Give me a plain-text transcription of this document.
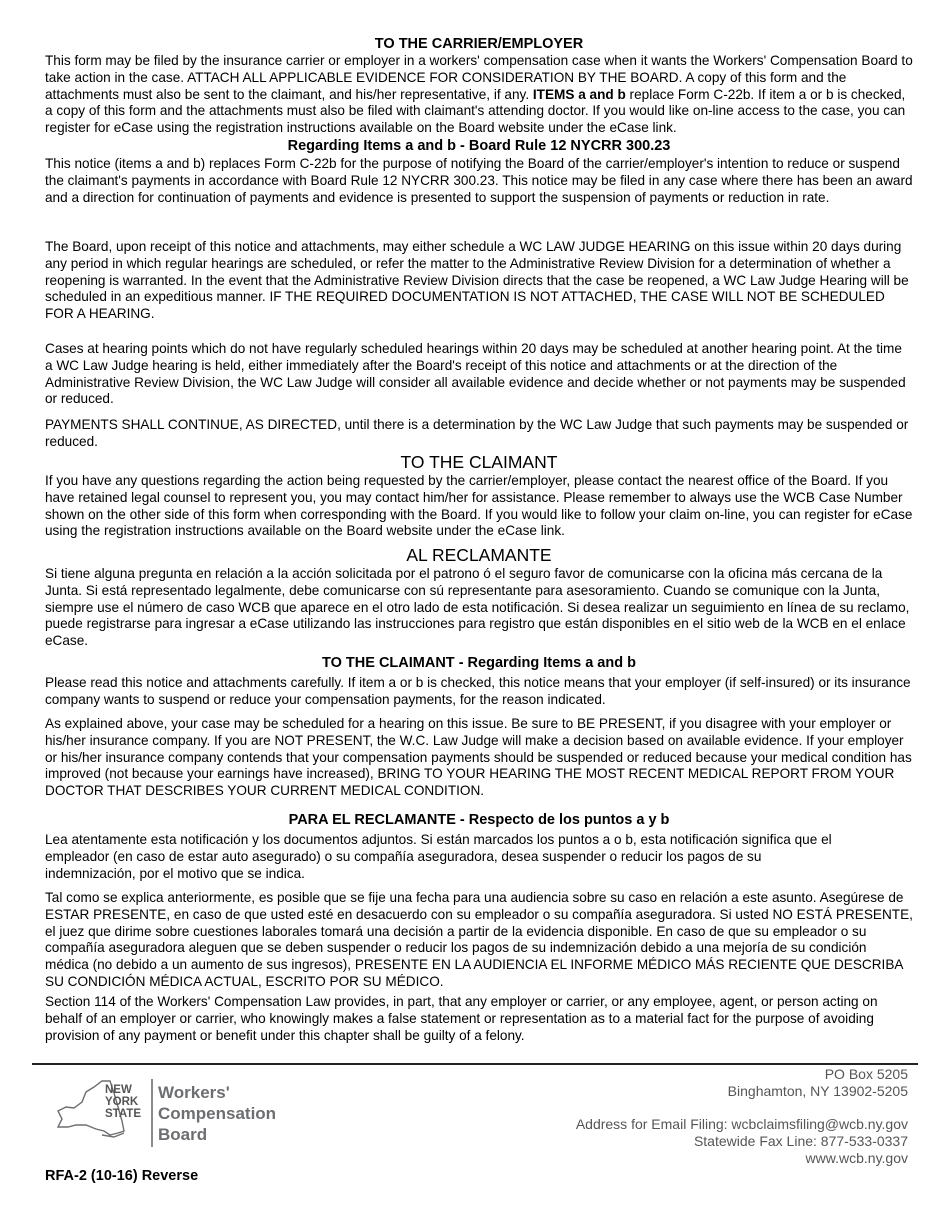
TO THE CARRIER/EMPLOYER

This form may be filed by the insurance carrier or employer in a workers' compensation case when it wants the Workers' Compensation Board to take action in the case. ATTACH ALL APPLICABLE EVIDENCE FOR CONSIDERATION BY THE BOARD. A copy of this form and the attachments must also be sent to the claimant, and his/her representative, if any. ITEMS a and b replace Form C-22b. If item a or b is checked, a copy of this form and the attachments must also be filed with claimant's attending doctor. If you would like on-line access to the case, you can register for eCase using the registration instructions available on the Board website under the eCase link.

Regarding Items a and b - Board Rule 12 NYCRR 300.23

This notice (items a and b) replaces Form C-22b for the purpose of notifying the Board of the carrier/employer's intention to reduce or suspend the claimant's payments in accordance with Board Rule 12 NYCRR 300.23. This notice may be filed in any case where there has been an award and a direction for continuation of payments and evidence is presented to support the suspension of payments or reduction in rate.

The Board, upon receipt of this notice and attachments, may either schedule a WC LAW JUDGE HEARING on this issue within 20 days during any period in which regular hearings are scheduled, or refer the matter to the Administrative Review Division for a determination of whether a reopening is warranted. In the event that the Administrative Review Division directs that the case be reopened, a WC Law Judge Hearing will be scheduled in an expeditious manner. IF THE REQUIRED DOCUMENTATION IS NOT ATTACHED, THE CASE WILL NOT BE SCHEDULED FOR A HEARING.

Cases at hearing points which do not have regularly scheduled hearings within 20 days may be scheduled at another hearing point. At the time a WC Law Judge hearing is held, either immediately after the Board's receipt of this notice and attachments or at the direction of the Administrative Review Division, the WC Law Judge will consider all available evidence and decide whether or not payments may be suspended or reduced.

PAYMENTS SHALL CONTINUE, AS DIRECTED, until there is a determination by the WC Law Judge that such payments may be suspended or reduced.

TO THE CLAIMANT

If you have any questions regarding the action being requested by the carrier/employer, please contact the nearest office of the Board. If you have retained legal counsel to represent you, you may contact him/her for assistance. Please remember to always use the WCB Case Number shown on the other side of this form when corresponding with the Board. If you would like to follow your claim on-line, you can register for eCase using the registration instructions available on the Board website under the eCase link.

AL RECLAMANTE

Si tiene alguna pregunta en relación a la acción solicitada por el patrono ó el seguro favor de comunicarse con la oficina más cercana de la Junta. Si está representado legalmente, debe comunicarse con sú representante para asesoramiento. Cuando se comunique con la Junta, siempre use el número de caso WCB que aparece en el otro lado de esta notificación. Si desea realizar un seguimiento en línea de su reclamo, puede registrarse para ingresar a eCase utilizando las instrucciones para registro que están disponibles en el sitio web de la WCB en el enlace eCase.

TO THE CLAIMANT - Regarding Items a and b

Please read this notice and attachments carefully. If item a or b is checked, this notice means that your employer (if self-insured) or its insurance company wants to suspend or reduce your compensation payments, for the reason indicated.

As explained above, your case may be scheduled for a hearing on this issue. Be sure to BE PRESENT, if you disagree with your employer or his/her insurance company. If you are NOT PRESENT, the W.C. Law Judge will make a decision based on available evidence. If your employer or his/her insurance company contends that your compensation payments should be suspended or reduced because your medical condition has improved (not because your earnings have increased), BRING TO YOUR HEARING THE MOST RECENT MEDICAL REPORT FROM YOUR DOCTOR THAT DESCRIBES YOUR CURRENT MEDICAL CONDITION.

PARA EL RECLAMANTE - Respecto de los puntos a y b

Lea atentamente esta notificación y los documentos adjuntos. Si están marcados los puntos a o b, esta notificación significa que el empleador (en caso de estar auto asegurado) o su compañía aseguradora, desea suspender o reducir los pagos de su indemnización, por el motivo que se indica.

Tal como se explica anteriormente, es posible que se fije una fecha para una audiencia sobre su caso en relación a este asunto. Asegúrese de ESTAR PRESENTE, en caso de que usted esté en desacuerdo con su empleador o su compañía aseguradora. Si usted NO ESTÁ PRESENTE, el juez que dirime sobre cuestiones laborales tomará una decisión a partir de la evidencia disponible. En caso de que su empleador o su compañía aseguradora aleguen que se deben suspender o reducir los pagos de su indemnización debido a una mejoría de su condición médica (no debido a un aumento de sus ingresos), PRESENTE EN LA AUDIENCIA EL INFORME MÉDICO MÁS RECIENTE QUE DESCRIBA SU CONDICIÓN MÉDICA ACTUAL, ESCRITO POR SU MÉDICO.

Section 114 of the Workers' Compensation Law provides, in part, that any employer or carrier, or any employee, agent, or person acting on behalf of an employer or carrier, who knowingly makes a false statement or representation as to a material fact for the purpose of avoiding provision of any payment or benefit under this chapter shall be guilty of a felony.

NEW
YORK
STATE
Workers'
Compensation
Board
PO Box 5205
Binghamton, NY 13902-5205
Address for Email Filing: wcbclaimsfiling@wcb.ny.gov
Statewide Fax Line: 877-533-0337
www.wcb.ny.gov
RFA-2 (10-16) Reverse
